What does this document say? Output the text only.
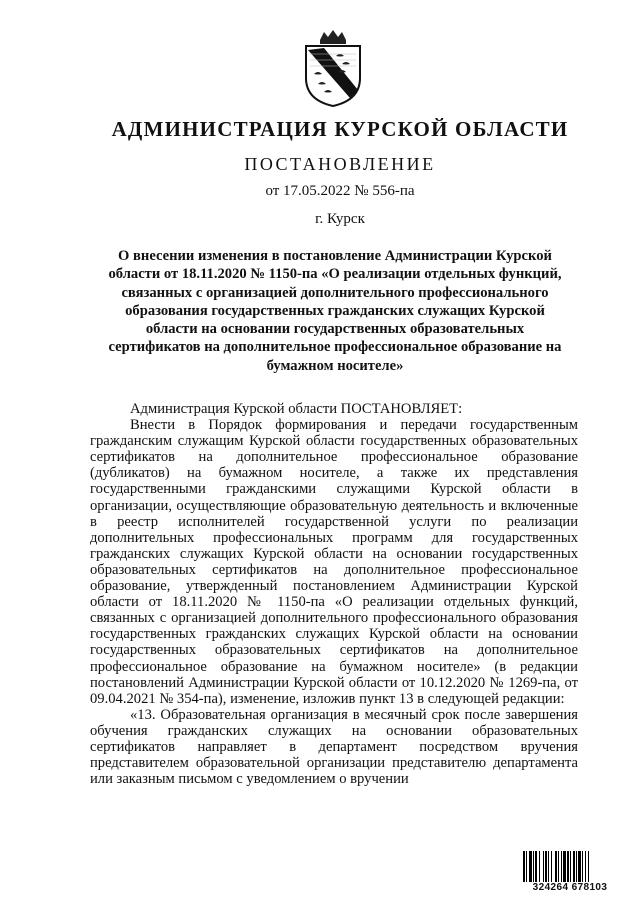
АДМИНИСТРАЦИЯ КУРСКОЙ ОБЛАСТИ
ПОСТАНОВЛЕНИЕ
от 17.05.2022 № 556-па
г. Курск
О внесении изменения в постановление Администрации Курской области от 18.11.2020 № 1150-па «О реализации отдельных функций, связанных с организацией дополнительного профессионального образования государственных гражданских служащих Курской области на основании государственных образовательных сертификатов на дополнительное профессиональное образование на бумажном носителе»

Администрация Курской области ПОСТАНОВЛЯЕТ:

Внести в Порядок формирования и передачи государственным гражданским служащим Курской области государственных образовательных сертификатов на дополнительное профессиональное образование (дубликатов) на бумажном носителе, а также их представления государственными гражданскими служащими Курской области в организации, осуществляющие образовательную деятельность и включенные в реестр исполнителей государственной услуги по реализации дополнительных профессиональных программ для государственных гражданских служащих Курской области на основании государственных образовательных сертификатов на дополнительное профессиональное образование, утвержденный постановлением Администрации Курской области от 18.11.2020 № 1150-па «О реализации отдельных функций, связанных с организацией дополнительного профессионального образования государственных гражданских служащих Курской области на основании государственных образовательных сертификатов на дополнительное профессиональное образование на бумажном носителе» (в редакции постановлений Администрации Курской области от 10.12.2020 № 1269-па, от 09.04.2021 № 354-па), изменение, изложив пункт 13 в следующей редакции:

«13. Образовательная организация в месячный срок после завершения обучения гражданских служащих на основании образовательных сертификатов направляет в департамент посредством вручения представителем образовательной организации представителю департамента или заказным письмом с уведомлением о вручении

324264 678103
